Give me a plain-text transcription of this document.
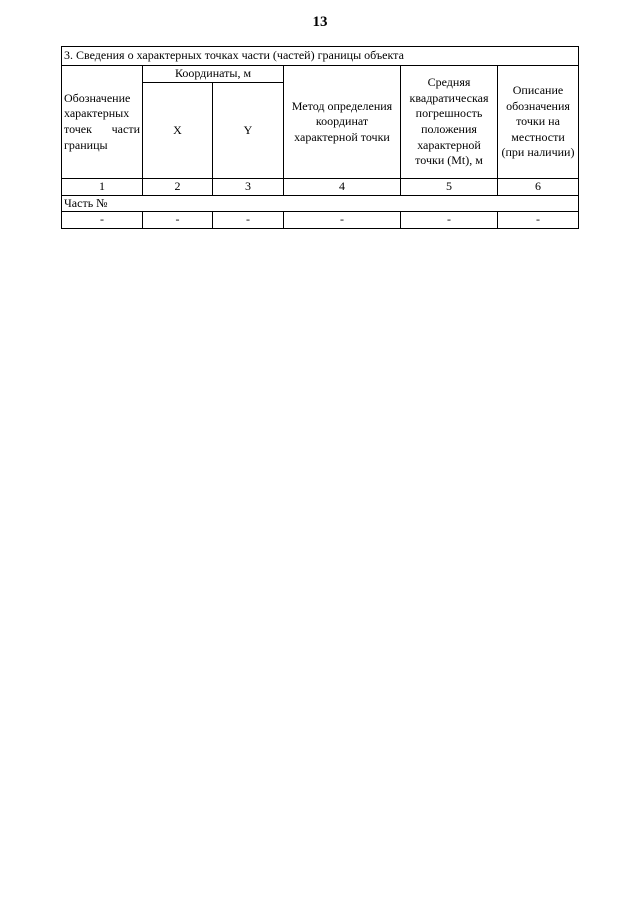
13
3. Сведения о характерных точках части (частей) границы объекта					
Обозначение характерных точек части границы	Координаты, м		Метод определения координат характерной точки	Средняя квадратическая погрешность положения характерной точки (Mt), м	Описание обозначения точки на местности (при наличии)
	X	Y			
1	2	3	4	5	6
Часть №					
-	-	-	-	-	-
